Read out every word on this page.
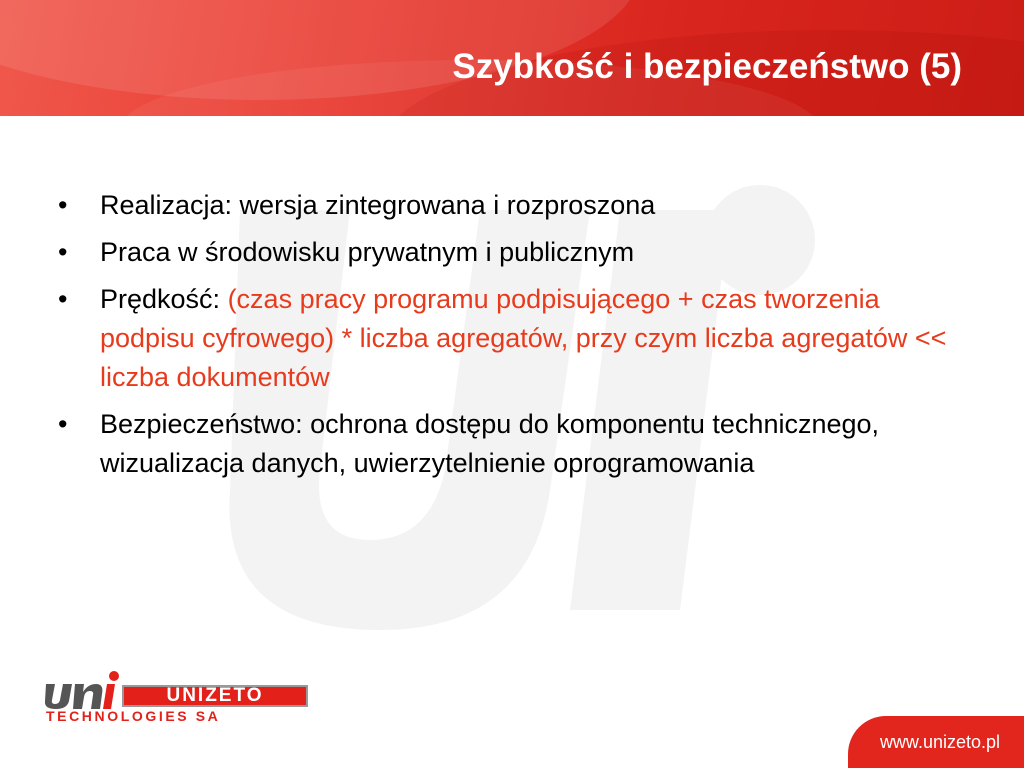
Szybkość i bezpieczeństwo (5)
• Realizacja: wersja zintegrowana i rozproszona
• Praca w środowisku prywatnym i publicznym
• Prędkość: (czas pracy programu podpisującego + czas tworzenia podpisu cyfrowego) * liczba agregatów, przy czym liczba agregatów << liczba dokumentów
• Bezpieczeństwo: ochrona dostępu do komponentu technicznego, wizualizacja danych, uwierzytelnienie oprogramowania
UNIZETO
TECHNOLOGIES SA
www.unizeto.pl
